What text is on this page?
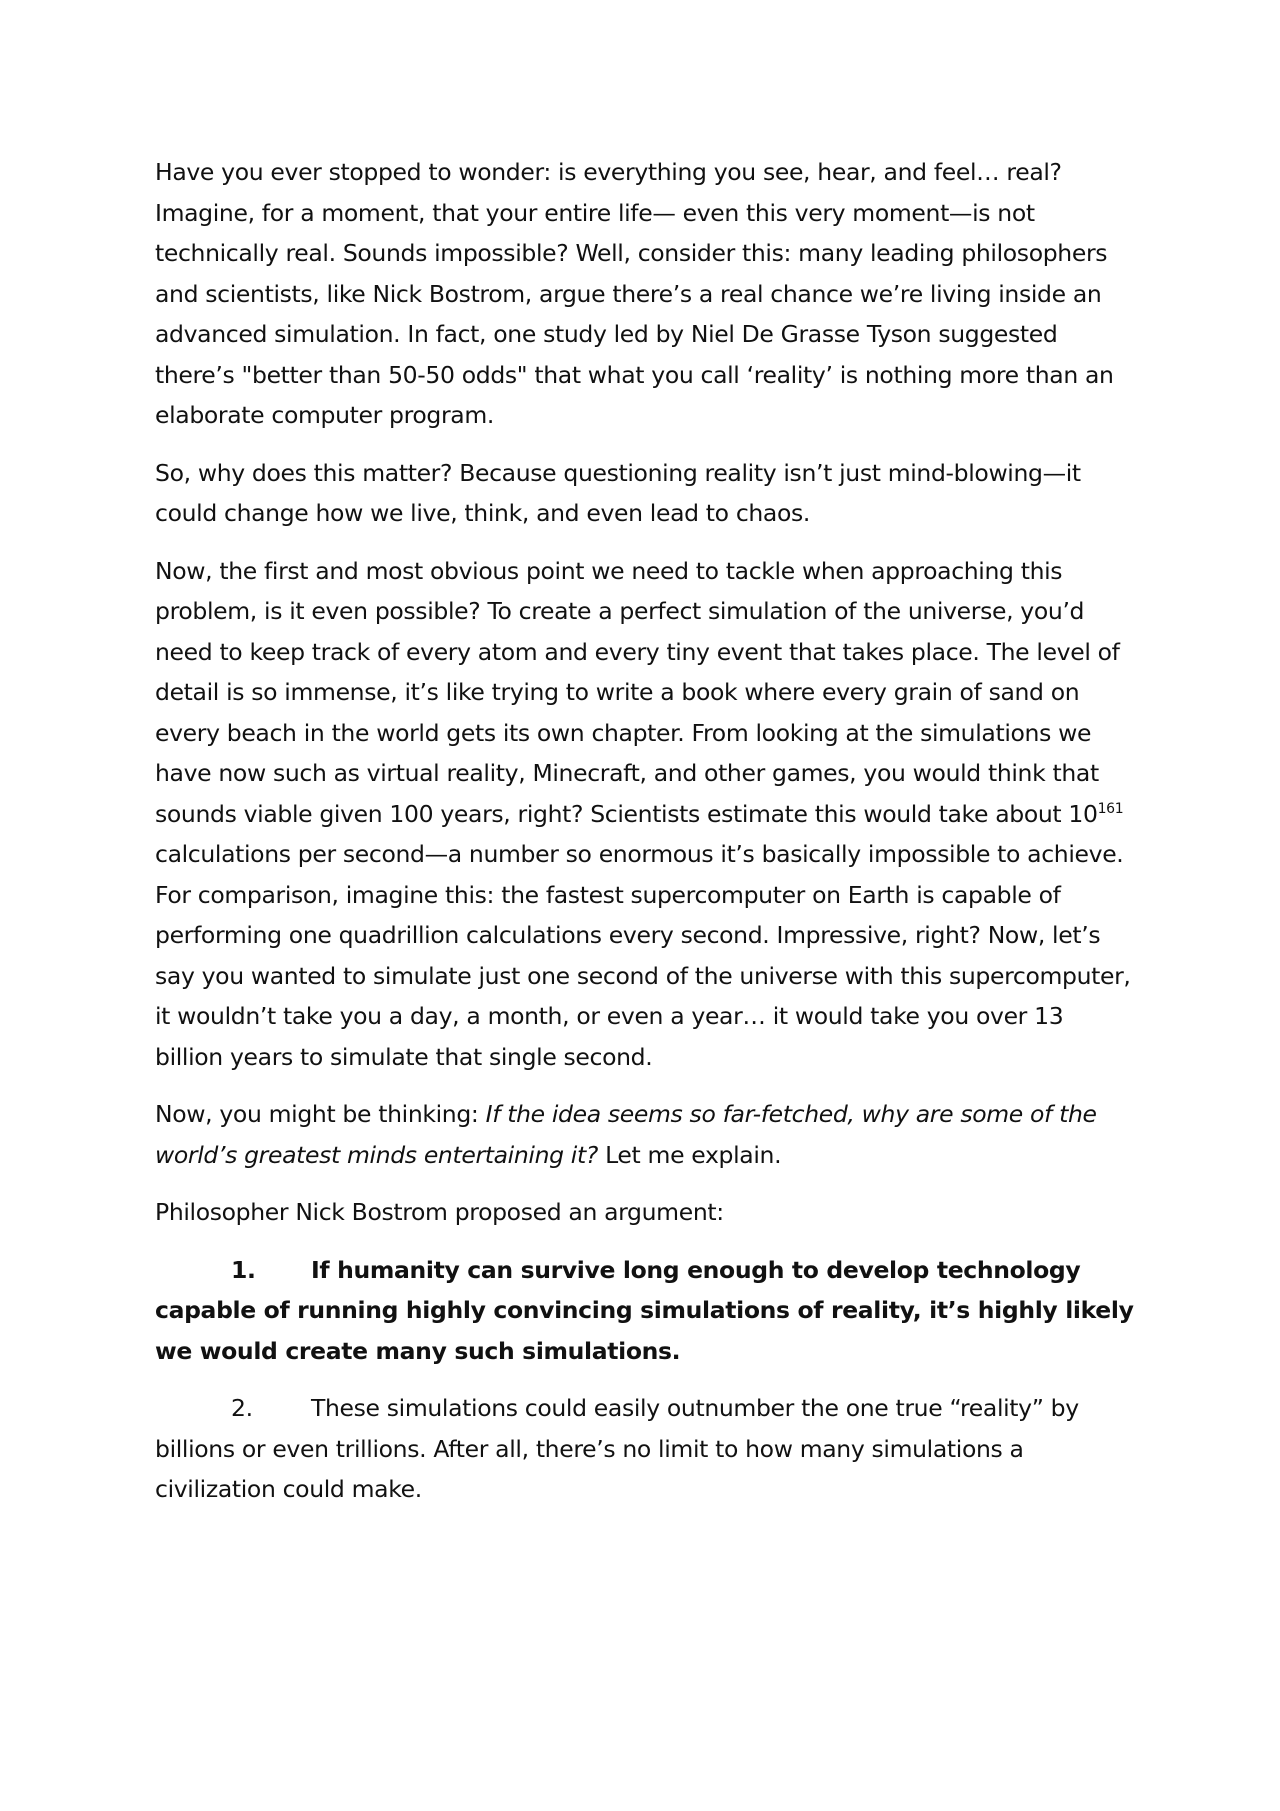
Have you ever stopped to wonder: is everything you see, hear, and feel… real? Imagine, for a moment, that your entire life— even this very moment—is not technically real. Sounds impossible? Well, consider this: many leading philosophers and scientists, like Nick Bostrom, argue there’s a real chance we’re living inside an advanced simulation. In fact, one study led by Niel De Grasse Tyson suggested there’s "better than 50-50 odds" that what you call ‘reality’ is nothing more than an elaborate computer program.

So, why does this matter? Because questioning reality isn’t just mind-blowing—it could change how we live, think, and even lead to chaos.

Now, the first and most obvious point we need to tackle when approaching this problem, is it even possible? To create a perfect simulation of the universe, you’d need to keep track of every atom and every tiny event that takes place. The level of detail is so immense, it’s like trying to write a book where every grain of sand on every beach in the world gets its own chapter. From looking at the simulations we have now such as virtual reality, Minecraft, and other games, you would think that sounds viable given 100 years, right? Scientists estimate this would take about $10^{161}$ calculations per second—a number so enormous it’s basically impossible to achieve. For comparison, imagine this: the fastest supercomputer on Earth is capable of performing one quadrillion calculations every second. Impressive, right? Now, let’s say you wanted to simulate just one second of the universe with this supercomputer, it wouldn’t take you a day, a month, or even a year… it would take you over 13 billion years to simulate that single second.

Now, you might be thinking: If the idea seems so far-fetched, why are some of the world’s greatest minds entertaining it? Let me explain.

Philosopher Nick Bostrom proposed an argument:

1. If humanity can survive long enough to develop technology capable of running highly convincing simulations of reality, it’s highly likely we would create many such simulations.
2. These simulations could easily outnumber the one true “reality” by billions or even trillions. After all, there’s no limit to how many simulations a civilization could make.
